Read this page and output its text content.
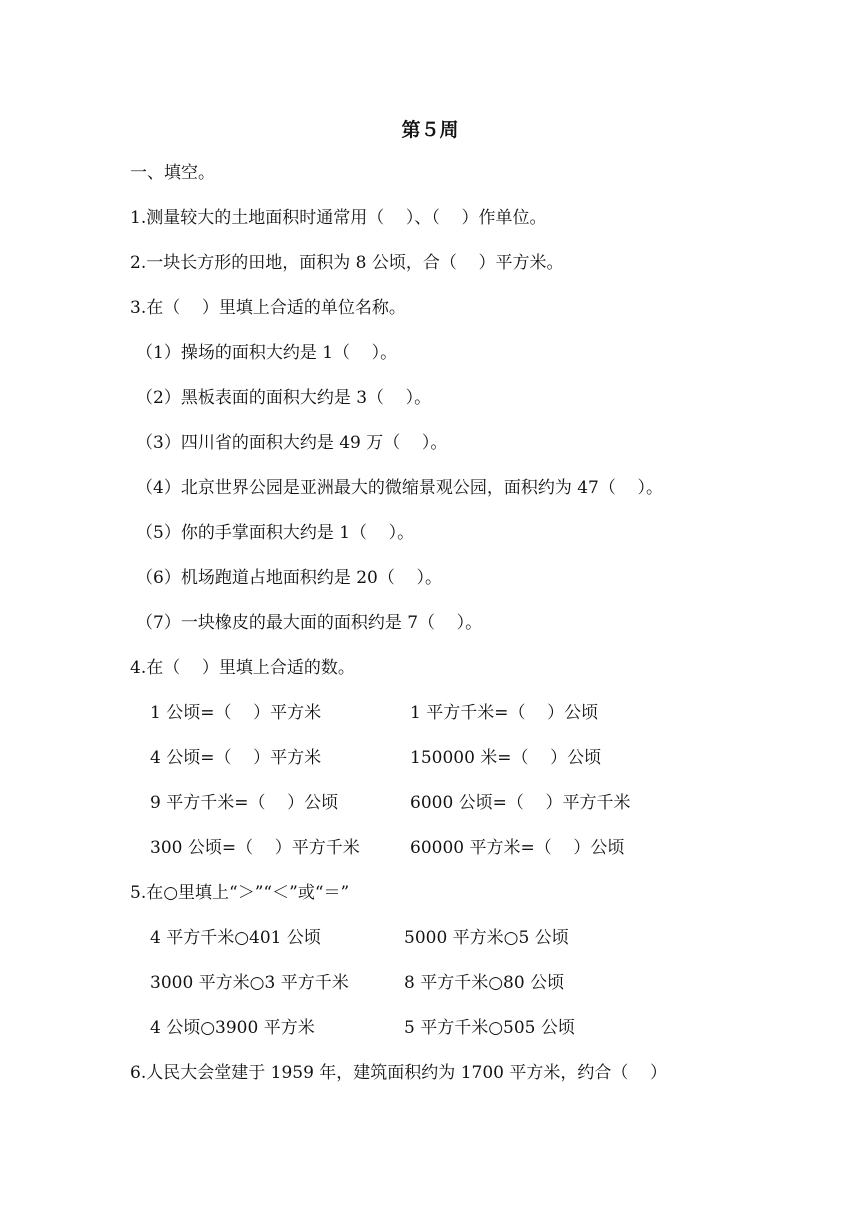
第５周
一、填空。
1.测量较大的土地面积时通常用（    ）、（    ）作单位。
2.一块长方形的田地，面积为 8 公顷，合（    ）平方米。
3.在（    ）里填上合适的单位名称。
（1）操场的面积大约是 1（    ）。
（2）黑板表面的面积大约是 3（    ）。
（3）四川省的面积大约是 49 万（    ）。
（4）北京世界公园是亚洲最大的微缩景观公园，面积约为 47（    ）。
（5）你的手掌面积大约是 1（    ）。
（6）机场跑道占地面积约是 20（    ）。
（7）一块橡皮的最大面的面积约是 7（    ）。
4.在（    ）里填上合适的数。
1 公顷=（    ）平方米	1 平方千米=（    ）公顷
4 公顷=（    ）平方米	150000 米=（    ）公顷
9 平方千米=（    ）公顷	6000 公顷=（    ）平方千米
300 公顷=（    ）平方千米	60000 平方米=（    ）公顷
5.在○里填上“＞”“＜”或“＝”
4 平方千米○401 公顷	5000 平方米○5 公顷
3000 平方米○3 平方千米	8 平方千米○80 公顷
4 公顷○3900 平方米	5 平方千米○505 公顷
6.人民大会堂建于 1959 年，建筑面积约为 1700 平方米，约合（    ）
